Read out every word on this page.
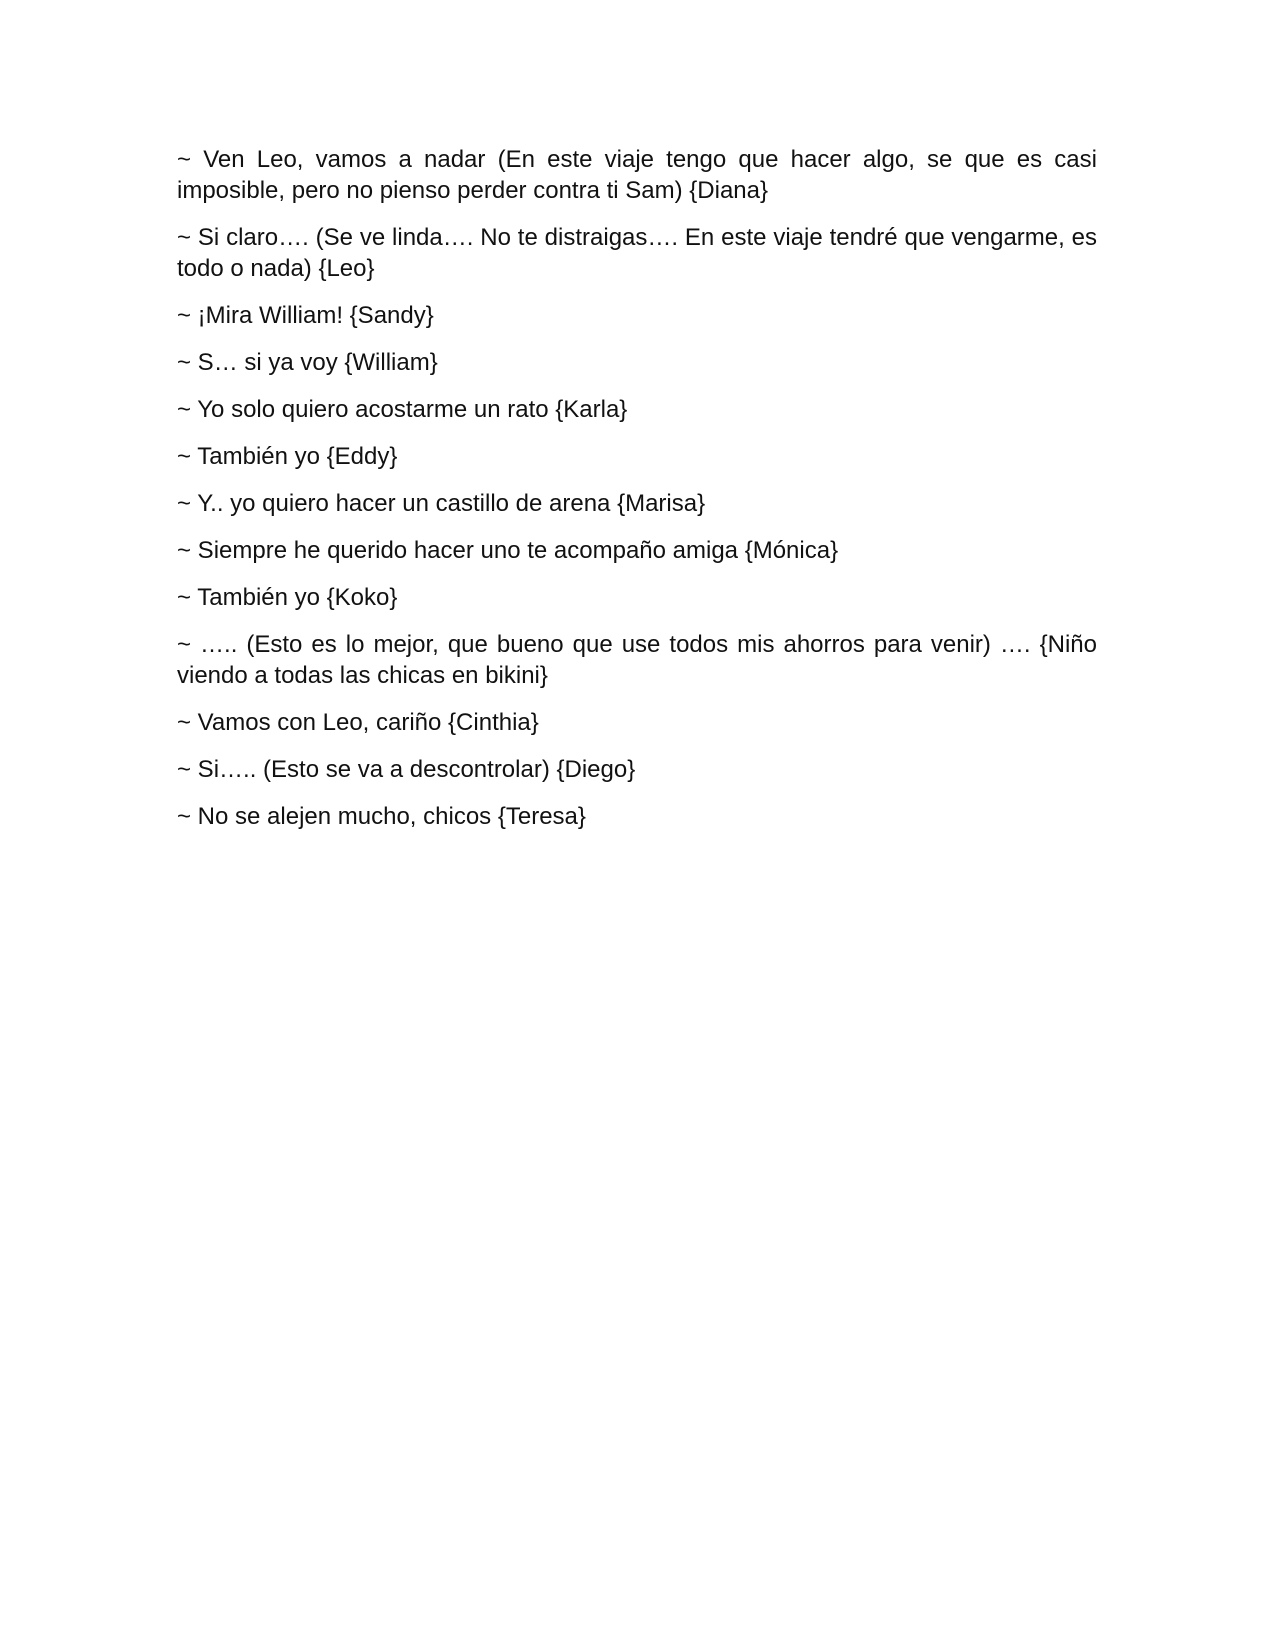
~ Ven Leo, vamos a nadar (En este viaje tengo que hacer algo, se que es casi imposible, pero no pienso perder contra ti Sam) {Diana}

~ Si claro…. (Se ve linda…. No te distraigas…. En este viaje tendré que vengarme, es todo o nada) {Leo}

~ ¡Mira William! {Sandy}

~ S… si ya voy {William}

~ Yo solo quiero acostarme un rato {Karla}

~ También yo {Eddy}

~ Y.. yo quiero hacer un castillo de arena {Marisa}

~ Siempre he querido hacer uno te acompaño amiga {Mónica}

~ También yo {Koko}

~ ….. (Esto es lo mejor, que bueno que use todos mis ahorros para venir) …. {Niño viendo a todas las chicas en bikini}

~ Vamos con Leo, cariño {Cinthia}

~ Si….. (Esto se va a descontrolar) {Diego}

~ No se alejen mucho, chicos {Teresa}
